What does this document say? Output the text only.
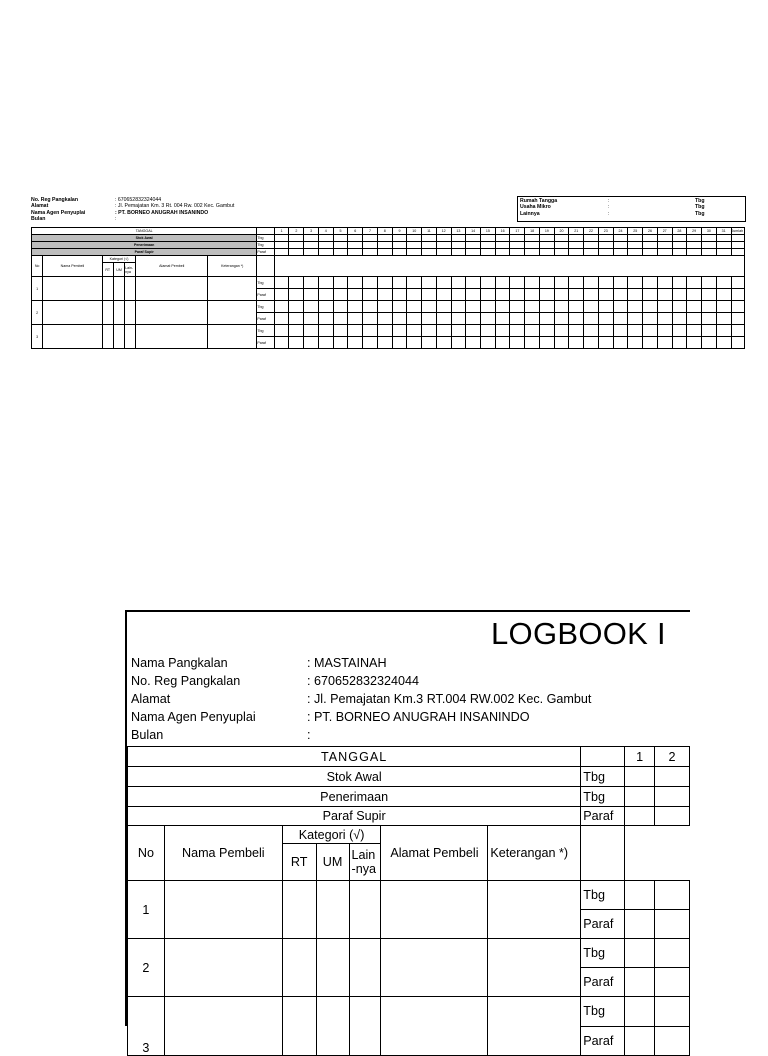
No. Reg Pangkalan	: 670652832324044
Alamat	: Jl. Pemajatan Km. 3 Rt. 004 Rw. 002 Kec. Gambut
Nama Agen Penyuplai	: PT. BORNEO ANUGRAH INSANINDO
Bulan	:
Rumah Tangga	:	Tbg
Usaha Mikro	:	Tbg
Lainnya	:	Tbg
TANGGAL								1	2	3	4	5	6	7	8	9	10	11	12	13	14	15	16	17	18	19	20	21	22	23	24	25	26	27	28	29	30	31	Jumlah
Stok Awal							Tbg																																
Penerimaan							Tbg																																
Paraf Supir							Paraf																																
No	Nama Pembeli	Kategori (√)			Alamat Pembeli	Keterangan *)																																	
		RT	UM	Lain-nya																																			
1							Tbg																																
							Paraf																																
2							Tbg																																
							Paraf																																
3							Tbg																																
							Paraf																																
LOGBOOK I
Nama Pangkalan	: MASTAINAH
No. Reg Pangkalan	: 670652832324044
Alamat	: Jl. Pemajatan Km.3 RT.004 RW.002 Kec. Gambut
Nama Agen Penyuplai	: PT. BORNEO ANUGRAH INSANINDO
Bulan	:
TANGGAL								1	2
Stok Awal							Tbg		
Penerimaan							Tbg		
Paraf Supir							Paraf		
No	Nama Pembeli	Kategori (√)			Alamat Pembeli	Keterangan *)			
		RT	UM	Lain
-nya					
1							Tbg		
							Paraf		
2							Tbg		
							Paraf		
3							Tbg		
							Paraf		
